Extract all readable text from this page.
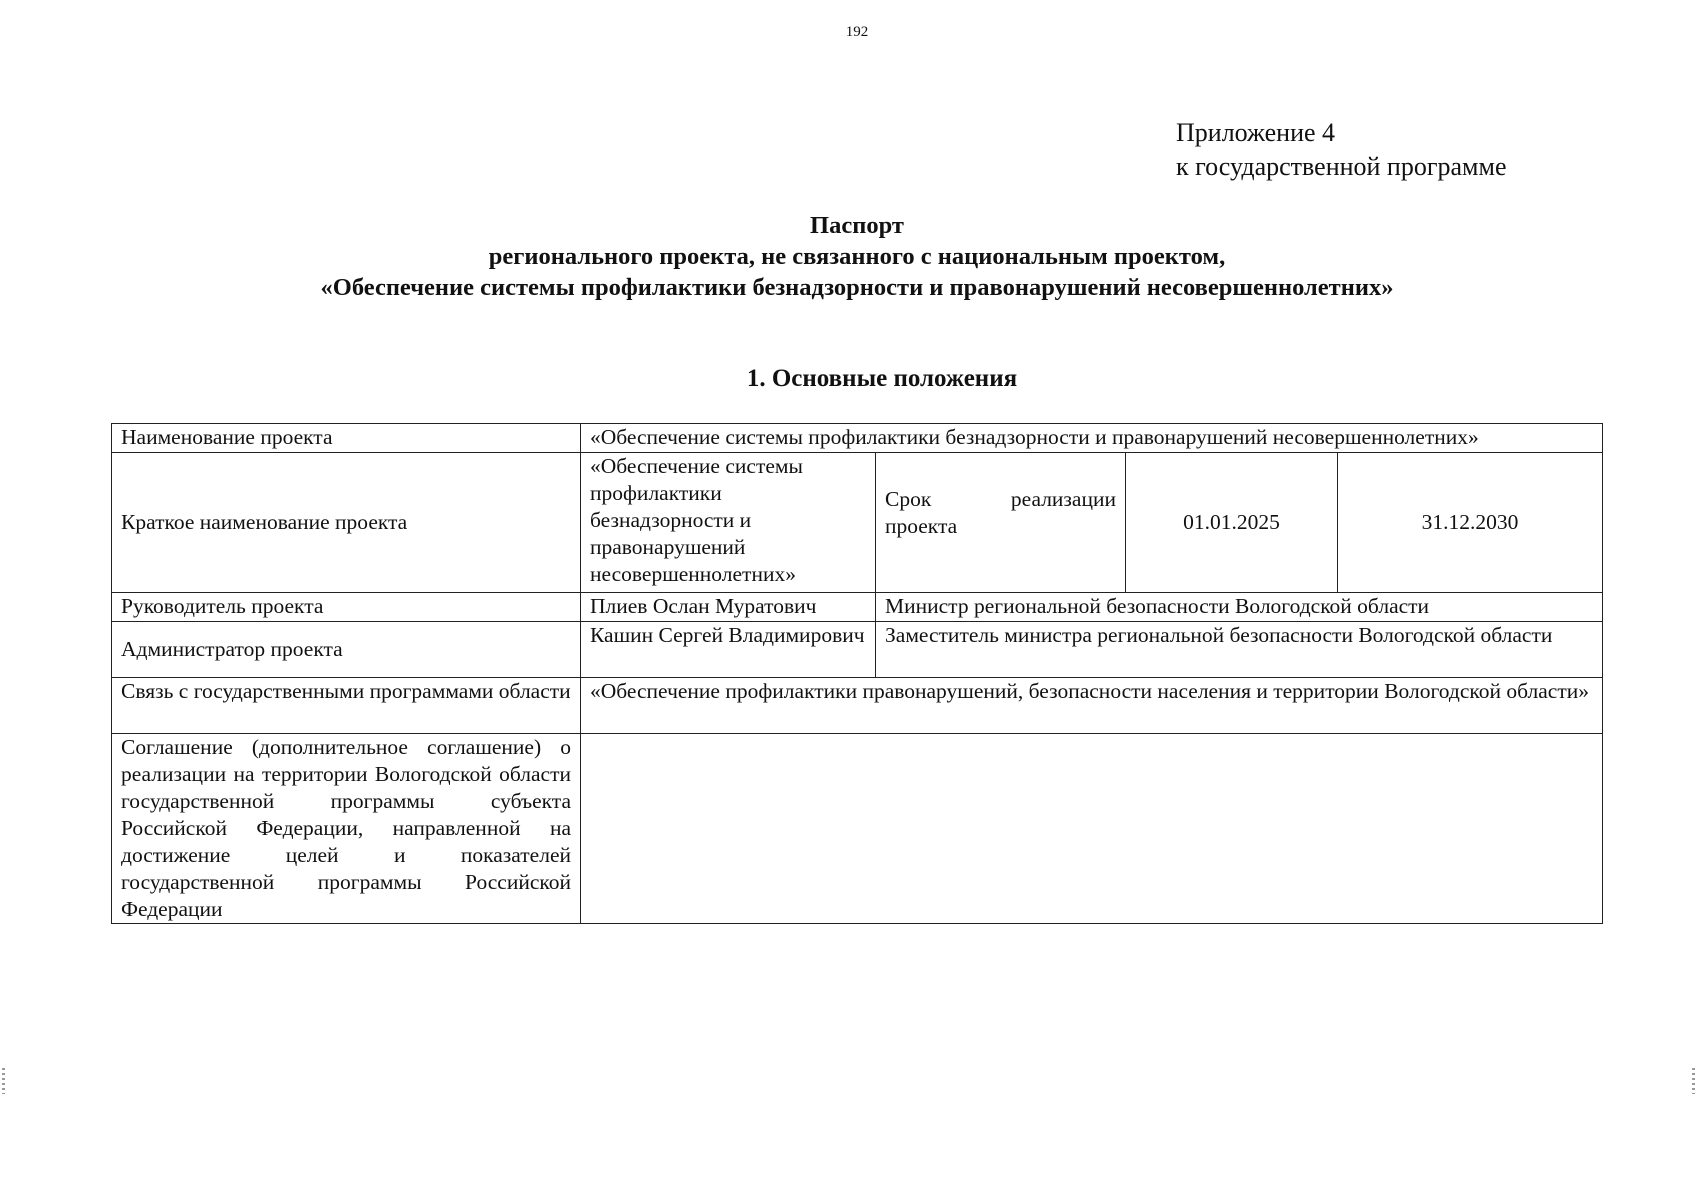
192
Приложение 4
к государственной программе
Паспорт
регионального проекта, не связанного с национальным проектом,
«Обеспечение системы профилактики безнадзорности и правонарушений несовершеннолетних»
1. Основные положения
Наименование проекта	«Обеспечение системы профилактики безнадзорности и правонарушений несовершеннолетних»			
Краткое наименование проекта	«Обеспечение системы профилактики безнадзорности и правонарушений несовершеннолетних»	Срок реализации проекта	01.01.2025	31.12.2030
Руководитель проекта	Плиев Ослан Муратович	Министр региональной безопасности Вологодской области		
Администратор проекта	Кашин Сергей Владимирович	Заместитель министра региональной безопасности Вологодской области		
Связь с государственными программами области	«Обеспечение профилактики правонарушений, безопасности населения и территории Вологодской области»			
Соглашение (дополнительное соглашение) о реализации на территории Вологодской области государственной программы субъекта Российской Федерации, направленной на достижение целей и показателей государственной программы Российской Федерации				
